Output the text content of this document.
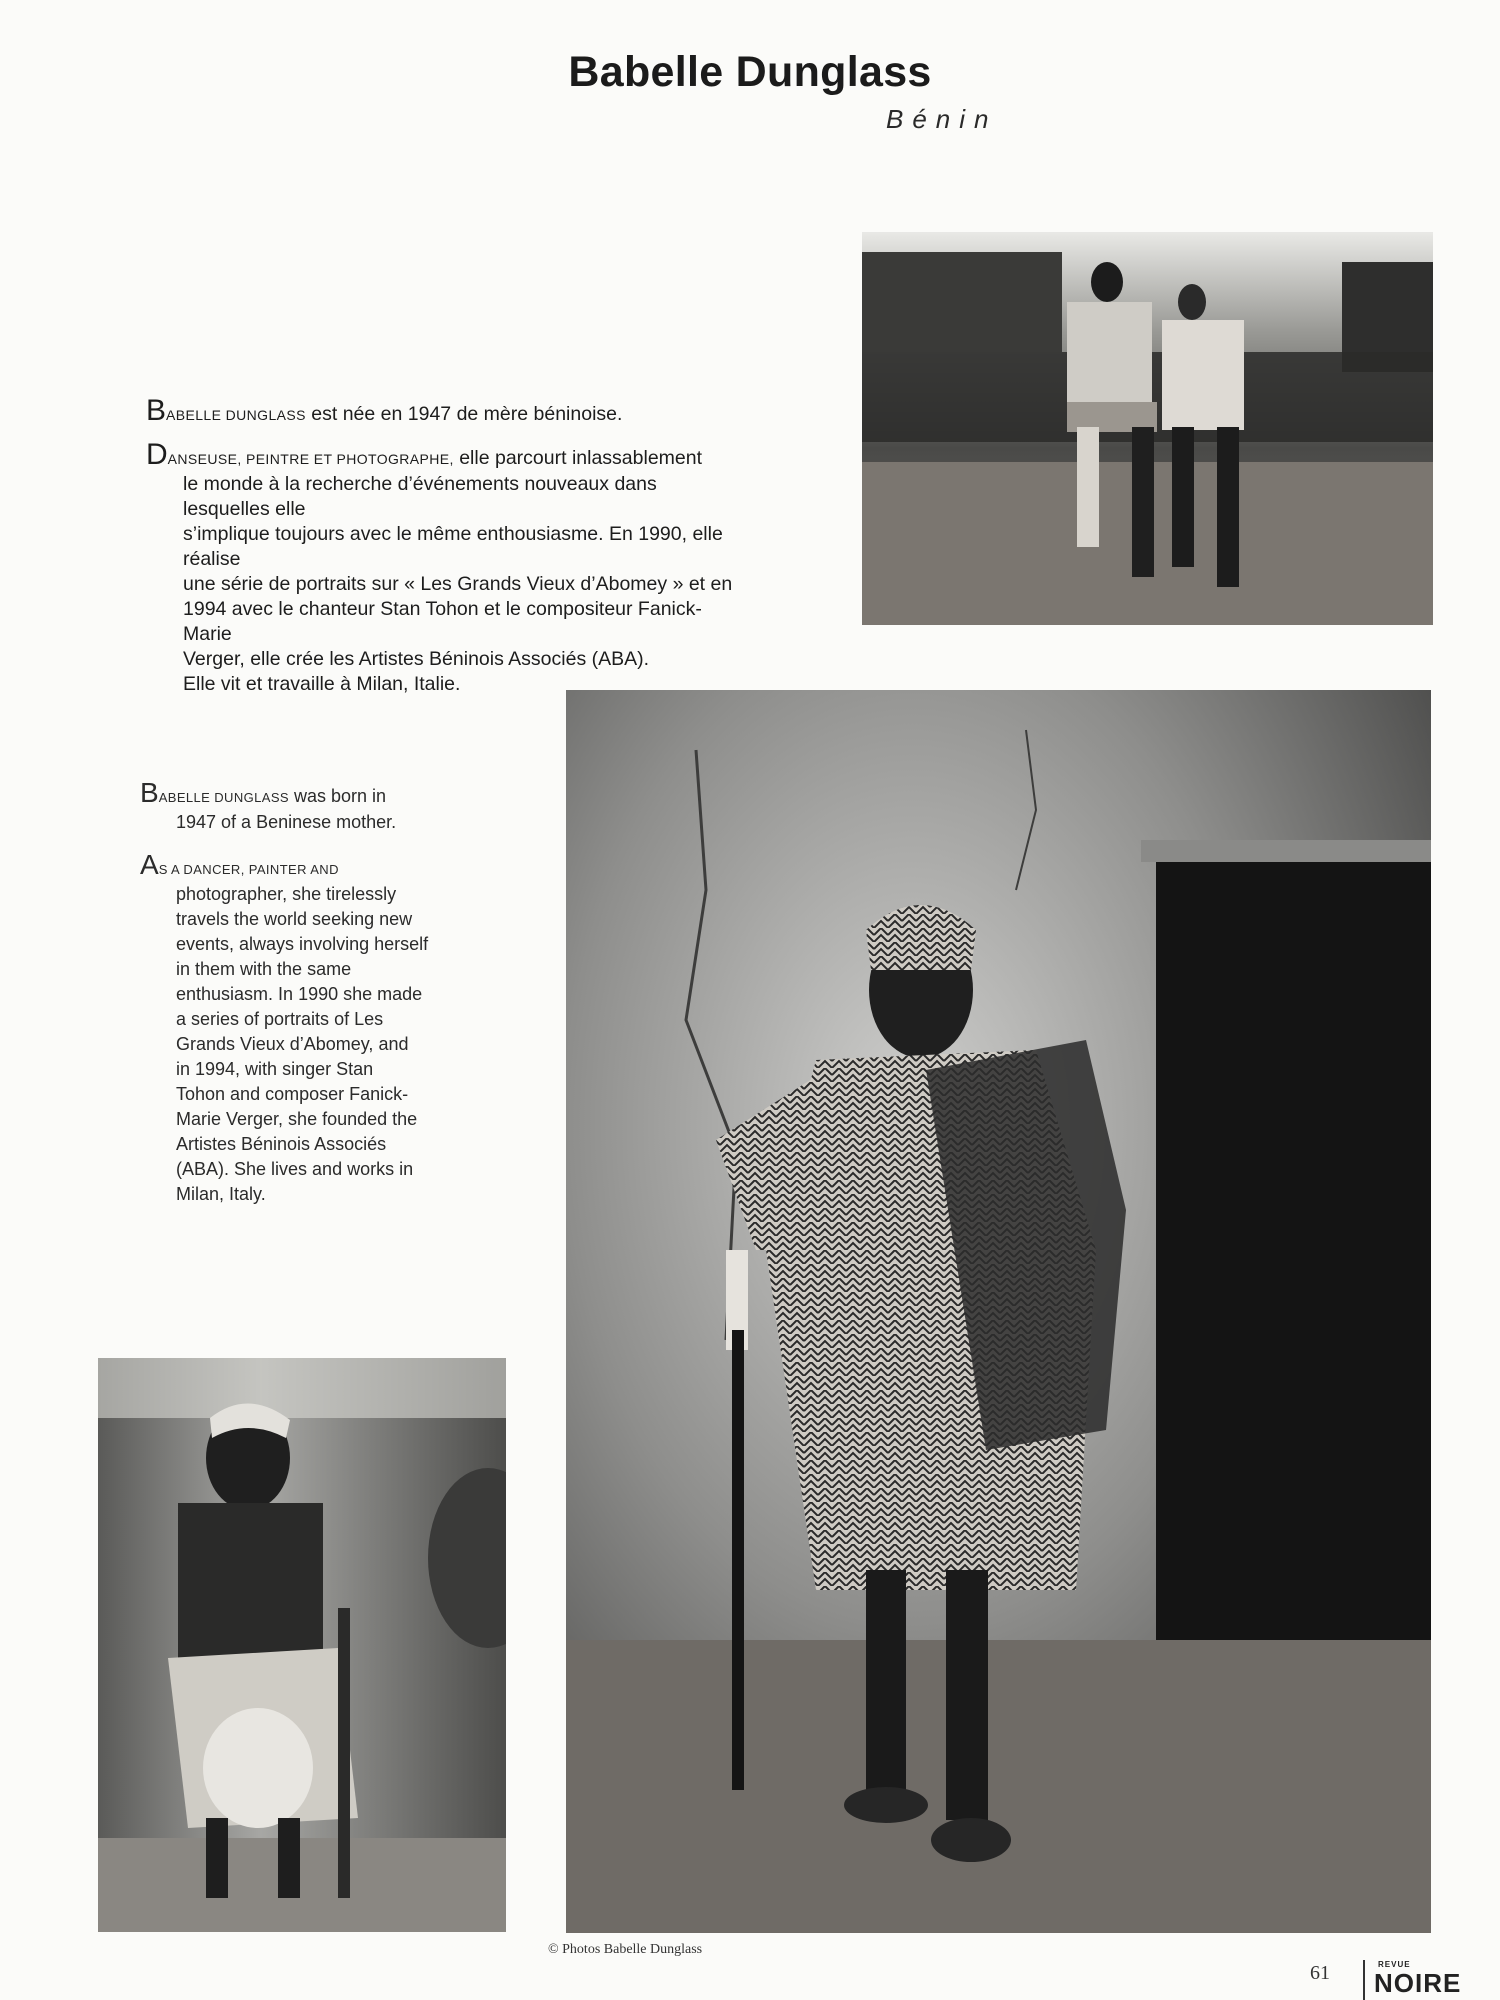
Babelle Dunglass
Bénin

BABELLE DUNGLASS est née en 1947 de mère béninoise.

DANSEUSE, PEINTRE ET PHOTOGRAPHE, elle parcourt inlassablement

le monde à la recherche d’événements nouveaux dans lesquelles elle
s’implique toujours avec le même enthousiasme. En 1990, elle réalise
une série de portraits sur « Les Grands Vieux d’Abomey » et en
1994 avec le chanteur Stan Tohon et le compositeur Fanick-Marie
Verger, elle crée les Artistes Béninois Associés (ABA).
Elle vit et travaille à Milan, Italie.

BABELLE DUNGLASS was born in

1947 of a Beninese mother.

AS A DANCER, PAINTER AND

photographer, she tirelessly
travels the world seeking new
events, always involving herself
in them with the same
enthusiasm. In 1990 she made
a series of portraits of Les
Grands Vieux d’Abomey, and
in 1994, with singer Stan
Tohon and composer Fanick-
Marie Verger, she founded the
Artistes Béninois Associés
(ABA). She lives and works in
Milan, Italy.
© Photos Babelle Dunglass
61	REVUE
NOIRE
